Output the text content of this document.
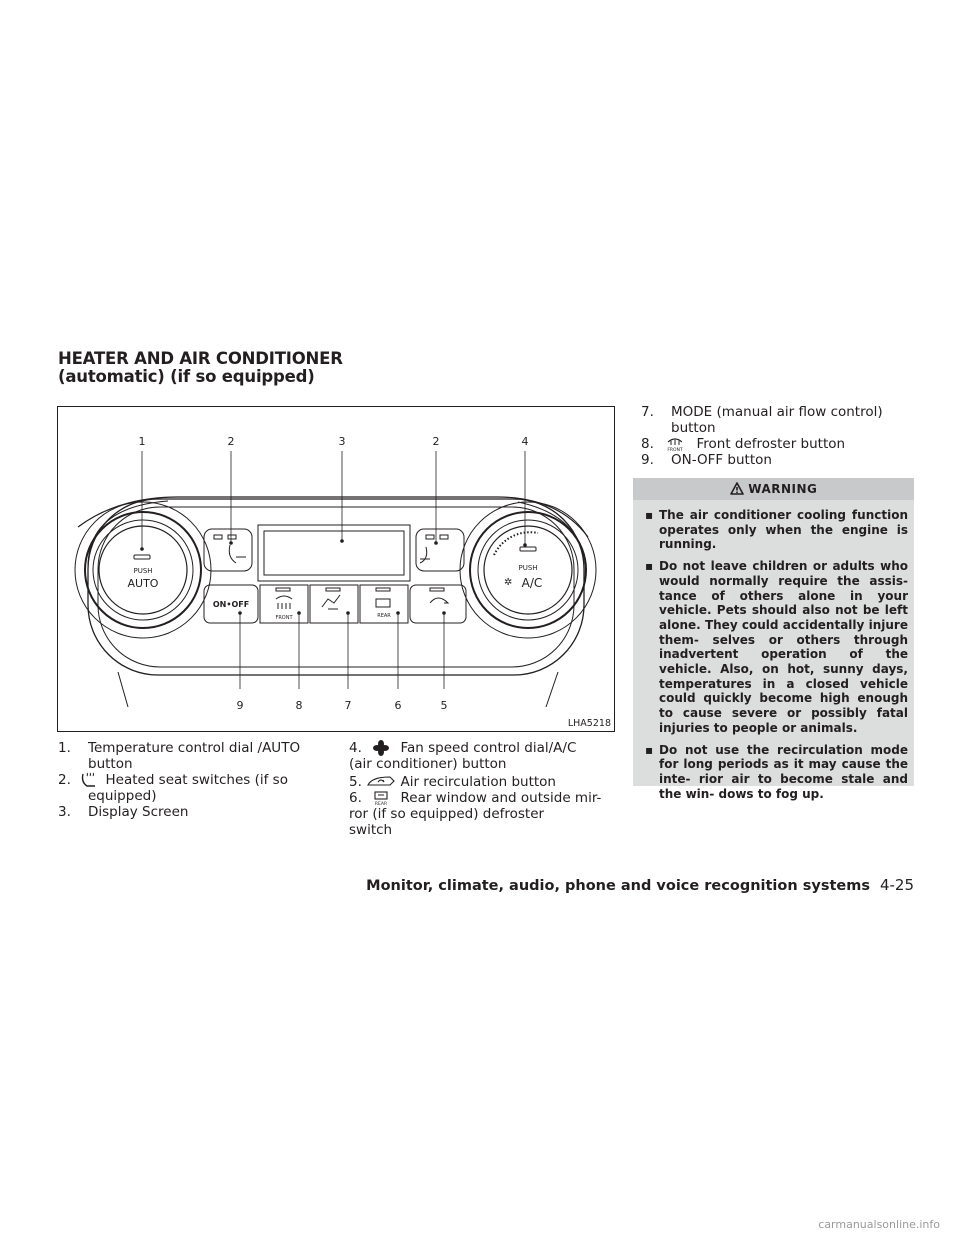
HEATER AND AIR CONDITIONER
(automatic) (if so equipped)
PUSH
AUTO
PUSH
A/C
✲
ON•OFF
FRONT	REAR
1	2	3	2	4
9	8	7	6	5
LHA5218
1. Temperature control dial /AUTO
button
2.	Heated seat switches (if so
equipped)
3. Display Screen
4.	Fan speed control dial/A/C
(air conditioner) button
5.	Air recirculation button
6.	REAR Rear window and outside mir-
ror (if so equipped) defroster
switch
7. MODE (manual air flow control)
button
8.	FRONT Front defroster button
9. ON-OFF button
WARNING
▪ The air conditioner cooling function operates only when the engine is running.
▪ Do not leave children or adults who would normally require the assis- tance of others alone in your vehicle. Pets should also not be left alone. They could accidentally injure them- selves or others through inadvertent operation of the vehicle. Also, on hot, sunny days, temperatures in a closed vehicle could quickly become high enough to cause severe or possibly fatal injuries to people or animals.
▪ Do not use the recirculation mode for long periods as it may cause the inte- rior air to become stale and the win- dows to fog up.
Monitor, climate, audio, phone and voice recognition systems 4-25
carmanualsonline.info
